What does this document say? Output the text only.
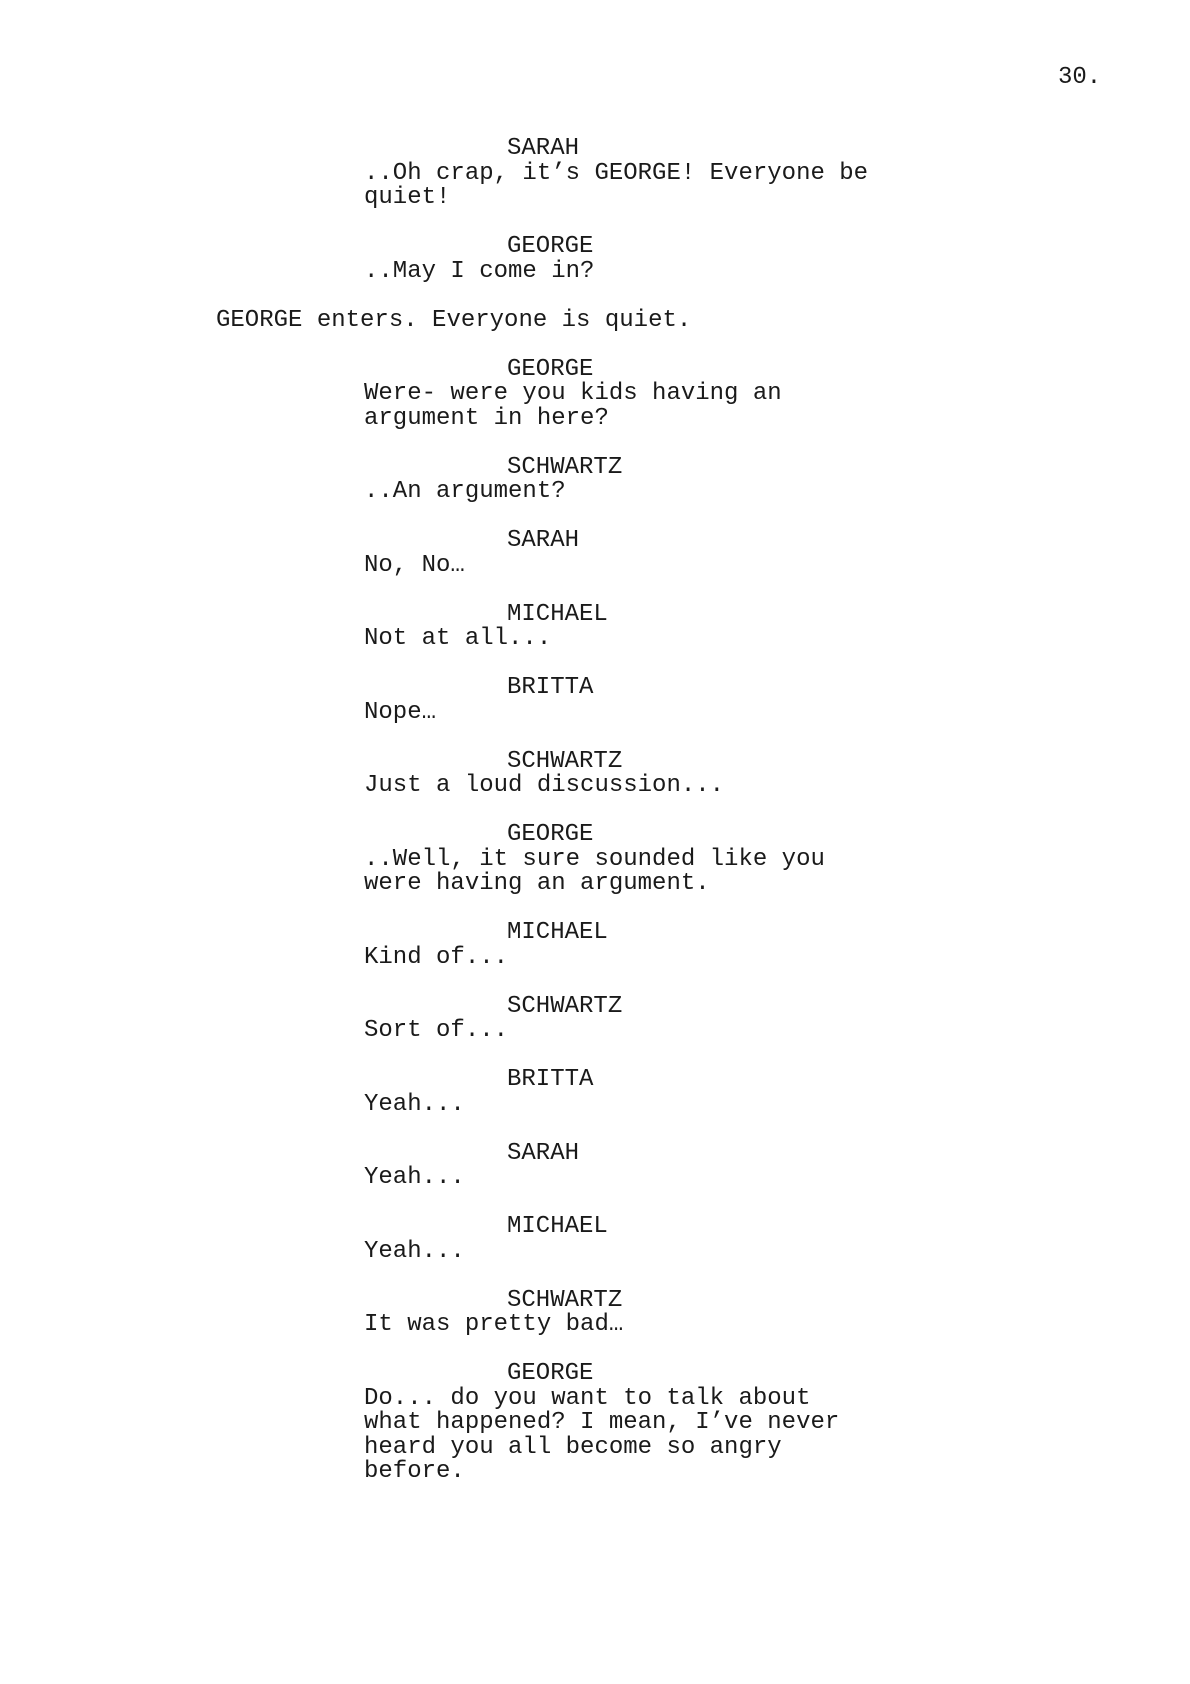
30.
SARAH
..Oh crap, it’s GEORGE! Everyone be
quiet!
GEORGE
..May I come in?
GEORGE enters. Everyone is quiet.
GEORGE
Were- were you kids having an
argument in here?
SCHWARTZ
..An argument?
SARAH
No, No…
MICHAEL
Not at all...
BRITTA
Nope…
SCHWARTZ
Just a loud discussion...
GEORGE
..Well, it sure sounded like you
were having an argument.
MICHAEL
Kind of...
SCHWARTZ
Sort of...
BRITTA
Yeah...
SARAH
Yeah...
MICHAEL
Yeah...
SCHWARTZ
It was pretty bad…
GEORGE
Do... do you want to talk about
what happened? I mean, I’ve never
heard you all become so angry
before.
